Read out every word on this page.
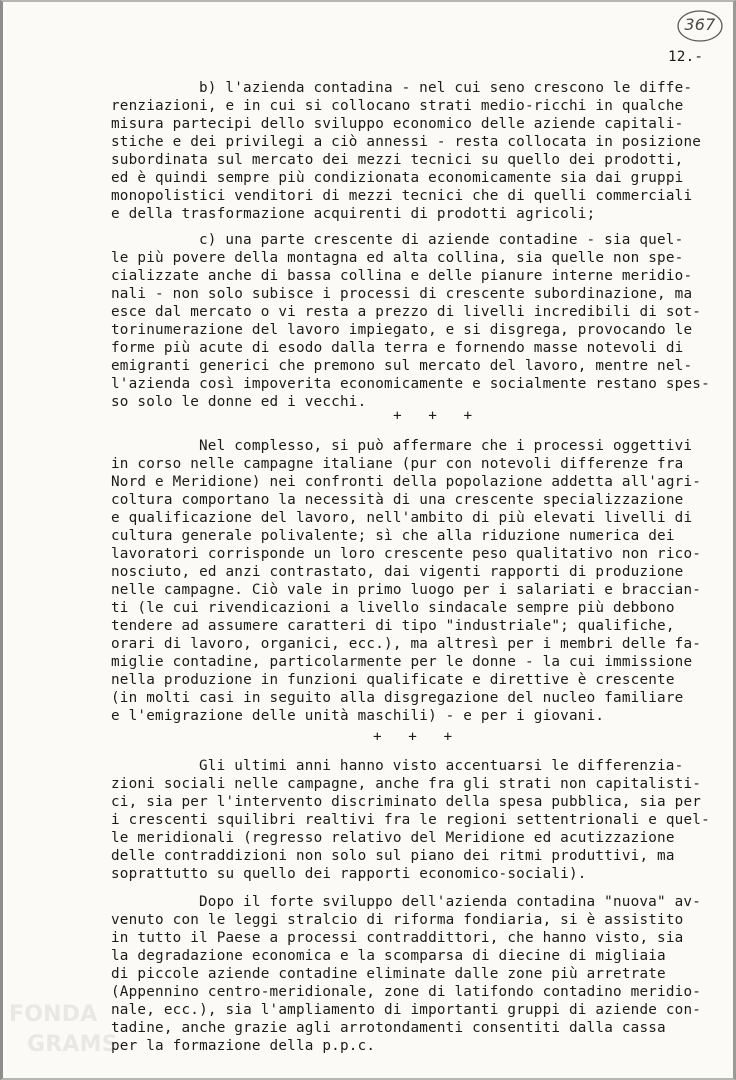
367
12.-
b) l'azienda contadina - nel cui seno crescono le diffe-
renziazioni, e in cui si collocano strati medio-ricchi in qualche
misura partecipi dello sviluppo economico delle aziende capitali-
stiche e dei privilegi a ciò annessi - resta collocata in posizione
subordinata sul mercato dei mezzi tecnici su quello dei prodotti,
ed è quindi sempre più condizionata economicamente sia dai gruppi
monopolistici venditori di mezzi tecnici che di quelli commerciali
e della trasformazione acquirenti di prodotti agricoli;
c) una parte crescente di aziende contadine - sia quel-
le più povere della montagna ed alta collina, sia quelle non spe-
cializzate anche di bassa collina e delle pianure interne meridio-
nali - non solo subisce i processi di crescente subordinazione, ma
esce dal mercato o vi resta a prezzo di livelli incredibili di sot-
torinumerazione del lavoro impiegato, e si disgrega, provocando le
forme più acute di esodo dalla terra e fornendo masse notevoli di
emigranti generici che premono sul mercato del lavoro, mentre nel-
l'azienda così impoverita economicamente e socialmente restano spes-
so solo le donne ed i vecchi.
+   +   +
Nel complesso, si può affermare che i processi oggettivi
in corso nelle campagne italiane (pur con notevoli differenze fra
Nord e Meridione) nei confronti della popolazione addetta all'agri-
coltura comportano la necessità di una crescente specializzazione
e qualificazione del lavoro, nell'ambito di più elevati livelli di
cultura generale polivalente; sì che alla riduzione numerica dei
lavoratori corrisponde un loro crescente peso qualitativo non rico-
nosciuto, ed anzi contrastato, dai vigenti rapporti di produzione
nelle campagne. Ciò vale in primo luogo per i salariati e braccian-
ti (le cui rivendicazioni a livello sindacale sempre più debbono
tendere ad assumere caratteri di tipo "industriale"; qualifiche,
orari di lavoro, organici, ecc.), ma altresì per i membri delle fa-
miglie contadine, particolarmente per le donne - la cui immissione
nella produzione in funzioni qualificate e direttive è crescente
(in molti casi in seguito alla disgregazione del nucleo familiare
e l'emigrazione delle unità maschili) - e per i giovani.
+   +   +
Gli ultimi anni hanno visto accentuarsi le differenzia-
zioni sociali nelle campagne, anche fra gli strati non capitalisti-
ci, sia per l'intervento discriminato della spesa pubblica, sia per
i crescenti squilibri realtivi fra le regioni settentrionali e quel-
le meridionali (regresso relativo del Meridione ed acutizzazione
delle contraddizioni non solo sul piano dei ritmi produttivi, ma
soprattutto su quello dei rapporti economico-sociali).
Dopo il forte sviluppo dell'azienda contadina "nuova" av-
venuto con le leggi stralcio di riforma fondiaria, si è assistito
in tutto il Paese a processi contraddittori, che hanno visto, sia
la degradazione economica e la scomparsa di diecine di migliaia
di piccole aziende contadine eliminate dalle zone più arretrate
(Appennino centro-meridionale, zone di latifondo contadino meridio-
nale, ecc.), sia l'ampliamento di importanti gruppi di aziende con-
tadine, anche grazie agli arrotondamenti consentiti dalla cassa
per la formazione della p.p.c.
FONDA
GRAMS
